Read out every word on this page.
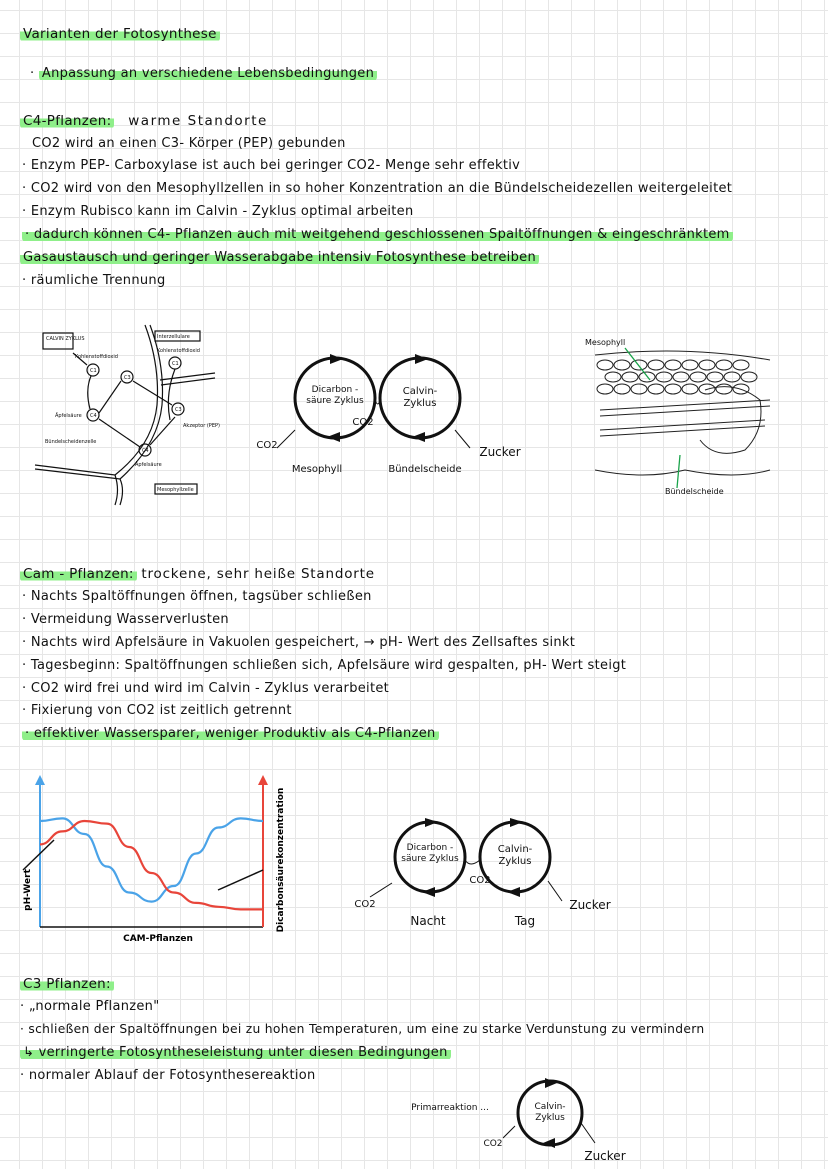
Varianten der Fotosynthese
· Anpassung an verschiedene Lebensbedingungen
C4-Pflanzen: warme Standorte
CO2 wird an einen C3- Körper (PEP) gebunden
· Enzym PEP- Carboxylase ist auch bei geringer CO2- Menge sehr effektiv
· CO2 wird von den Mesophyllzellen in so hoher Konzentration an die Bündelscheidezellen weitergeleitet
· Enzym Rubisco kann im Calvin - Zyklus optimal arbeiten
· dadurch können C4- Pflanzen auch mit weitgehend geschlossenen Spaltöffnungen & eingeschränktem
Gasaustausch und geringer Wasserabgabe intensiv Fotosynthese betreiben
· räumliche Trennung
CALVIN ZYKLUS	Interzellulare
Kohlenstoffdioxid
Kohlenstoffdioxid
Äpfelsäure
Äpfelsäure
Akzeptor (PEP)
Bündelscheidenzelle
Mesophyllzelle
C1
C3
C4
C1
C3
C4	CO2
CO2
Zucker
Mesophyll	Bündelscheide
Dicarbon - säure Zyklus
Calvin- Zyklus
Mesophyll
Bündelscheide
Cam - Pflanzen: trockene, sehr heiße Standorte
· Nachts Spaltöffnungen öffnen, tagsüber schließen
· Vermeidung Wasserverlusten
· Nachts wird Apfelsäure in Vakuolen gespeichert, → pH- Wert des Zellsaftes sinkt
· Tagesbeginn: Spaltöffnungen schließen sich, Apfelsäure wird gespalten, pH- Wert steigt
· CO2 wird frei und wird im Calvin - Zyklus verarbeitet
· Fixierung von CO2 ist zeitlich getrennt
· effektiver Wassersparer, weniger Produktiv als C4-Pflanzen
pH-Wert	Dicarbonsäurekonzentration
CAM-Pflanzen
CO2
CO2
Zucker
Nacht	Tag
Dicarbon - säure Zyklus
Calvin- Zyklus
C3 Pflanzen:
· „normale Pflanzen"
· schließen der Spaltöffnungen bei zu hohen Temperaturen, um eine zu starke Verdunstung zu vermindern
↳ verringerte Fotosyntheseleistung unter diesen Bedingungen
· normaler Ablauf der Fotosynthesereaktion
Primarreaktion ...
CO2
Zucker
Calvin- Zyklus
